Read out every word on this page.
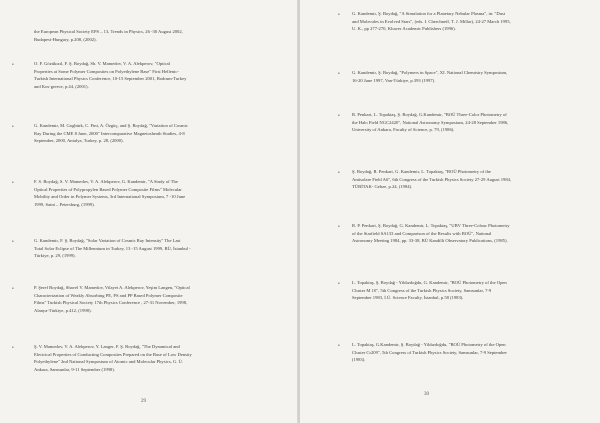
the European Physical Society EPS – 13, Trends in Physics, 26 -30 August 2002,
Budapest-Hungary, p.208, (2002).
•	O. F. Gözükızıl, F. Ş. Boydağ, Sh. V. Mamedov, V. A. Alekperov, "Optical
Properties at Some Polymer Composites on Polyethylene Base" First Hellenic-
Turkish International Physics Conference, 10-15 September 2001, Bodrum-Turkey
and Kos-greece, p.44, (2001).
•	G. Kandemir, M. Gogbürk, C. Fini, A. Özgüç, and Ş. Boydağ, "Variation of Cosmic
Ray During the CME 8 June, 2000" Intercomparative Magnetosheath Studies, 4-8
September, 2000, Antalya, Turkey, p. 28, (2000).
•	F. S. Boydağ, S. V. Mamedov, V. A. Alekperov, G. Kandemir, "A Study of The
Optical Properties of Polypropylen Based Polymer Composite Films" Molecular
Mobility and Order in Polymer Systems, 3rd International Symposium, 7 -10 June
1999, Saint – Petersburg, (1999).
•	G. Kandemir, F. Ş. Boydağ, "Solar Variation of Cosmic Ray Intensity" The Last
Total Solar Eclipse of The Millennium in Turkey, 13 -15 August 1999, BÜ, İstanbul -
Türkiye, p. 29, (1999).
•	P. Şeref Boydağ, Shavel V. Mamedov, Vilayet A. Alekperov, Yeşim Langen, "Optical
Characterization of Weakly Absorbing PE, PS and PP Based Polymer Composite
Films" Turkish Physical Society 17th Physics Conference , 27-31 November, 1998,
Alanya-Türkiye, p.412, (1998).
•	Ş. V. Mamedov, V. A. Alekperov, Y. Langer, F. Ş. Boydağ, "The Dynamical and
Electrical Properties of Conducting Composites Prepared on the Base of Low Density
Polyethylene" 2nd National Symposium of Atomic and Molecular Physics, G. Ü.
Ankara, Samsunlar, 9-11 September (1998).
29
•	G. Kandemir, Ş. Boydağ, "A Simulation for a Planetary Nebular Plasma", in: "Dust
and Molecules in Evolved Stars", (eds. I. Cherchneff, T. J. Millar), 24-27 March 1995,
U. K., pp 277-270, Kluwer Academic Publishers (1996).
•	G. Kandemir, Ş. Boydağ, "Polymers in Space", XI. National Chemistry Symposium,
16-20 June 1997, Van-Türkiye, p.393 (1997).
•	R. Penkart, L. Topaktaş, Ş. Boydağ, G.Kandemir, "BOÜ Three-Color Photometry of
the Halo Field NGC2420", National Astronomy Symposium, 24-28 September 1986,
University of Ankara, Faculty of Science, p. 79, (1986).
•	Ş. Boydağ, R. Penkart, G. Kandemir, L. Topaktaş, "BOÜ Photometry of the
Antisolare Field A6", 6th Congress of the Turkish Physics Society 27-29 August 1984,
TÜBİTAK- Gebze, p.24, (1984).
•	R. P. Penkart, Ş. Boydağ, G. Kandemir, L. Topaktaş, "UBV Three-Colour Photometry
of the Starfield SA133 and Comparison of the Results with BOÜ", National
Astronomy Meeting 1984, pp. 33-38, BÜ Kandilli Observatory Publications, (1985).
•	L. Topaktaş, Ş. Boydağ - Yildızdoğdu, G. Kandemir, "BOÜ Photometry of the Open
Cluster M 10", 5th Congress of the Turkish Physics Society, Samsunlar, 7-9
September 1983, İ.Ü. Science Faculty, İstanbul, p.58 (1983).
•	L. Topaktaş, G.Kandemir, Ş. Boydağ - Yildızdoğdu, "BOÜ Photometry of the Open
Cluster Cr209", 5th Congress of Turkish Physics Society, Samsunlar, 7-9 September
(1983).
30
